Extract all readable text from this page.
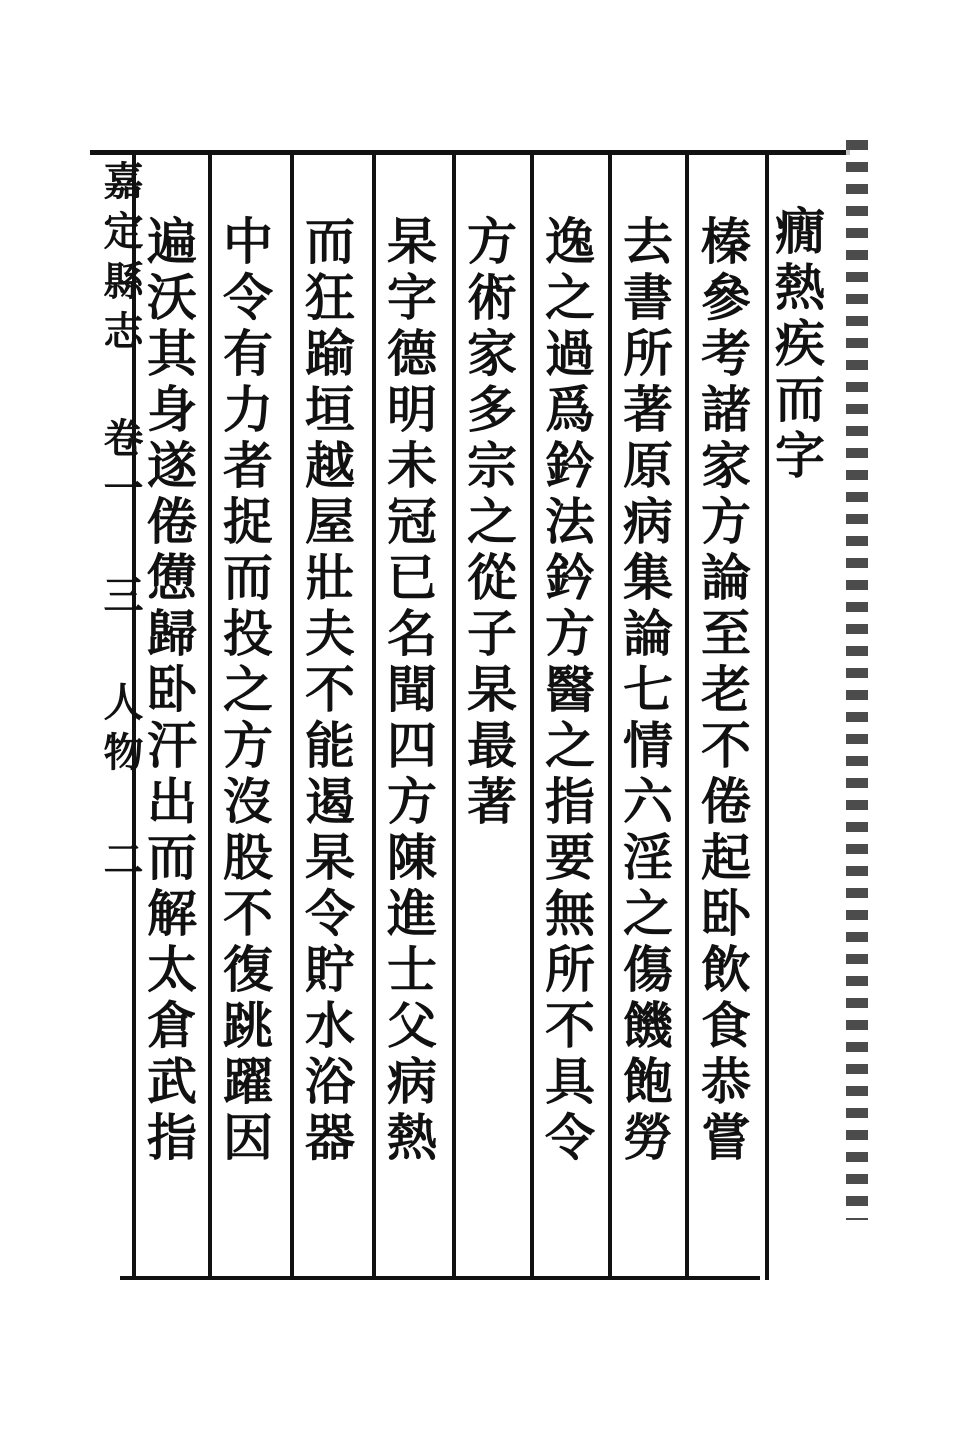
嘉定縣志 卷一 三 人物 二	癇熱疾而字
榛參考諸家方論至老不倦起卧飲食恭嘗
去書所著原病集論七情六淫之傷饑飽勞
逸之過爲鈐法鈐方醫之指要無所不具令
方術家多宗之從子杲最著
杲字德明未冠已名聞四方陳進士父病熱
而狂踰垣越屋壯夫不能遏杲令貯水浴器
中令有力者捉而投之方沒股不復跳躍因
遍沃其身遂倦憊歸卧汗出而解太倉武指
